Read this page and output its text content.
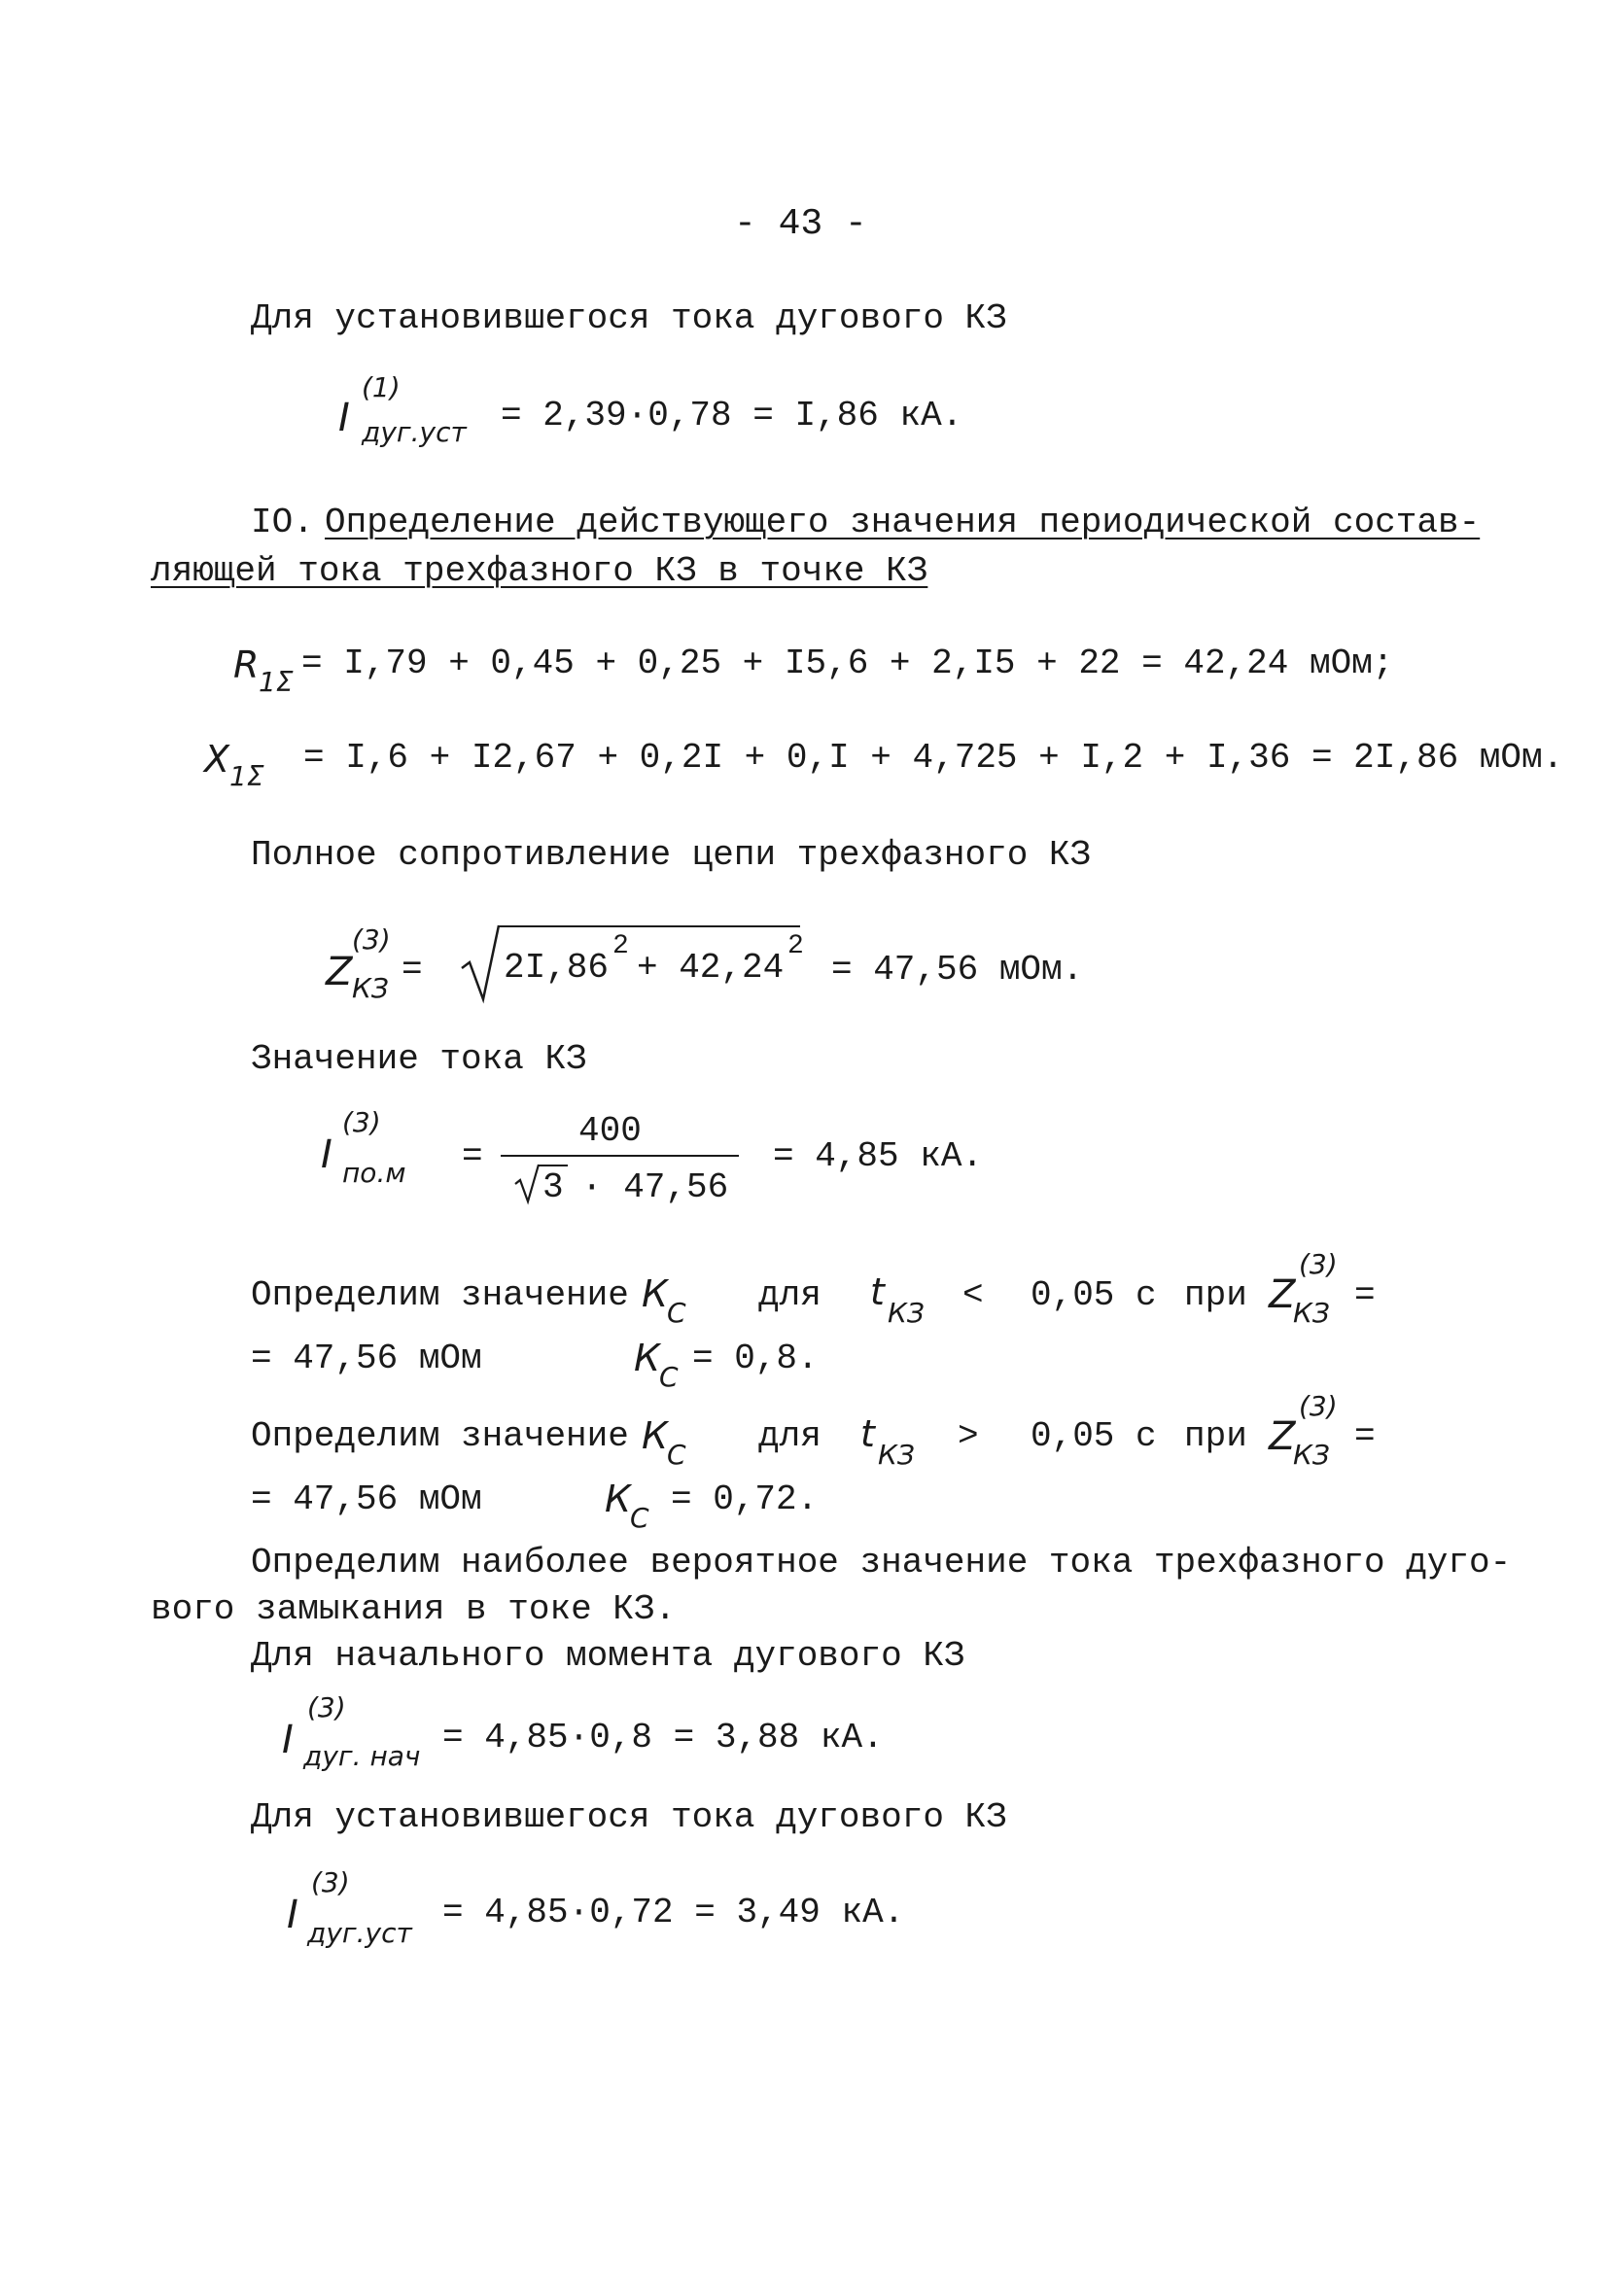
- 43 -
Для установившегося тока дугового КЗ
I
(1)
дуг.уст = 2,39·0,78 = I,86 кА.
IO. Определение действующего значения периодической состав-
ляющей тока трехфазного КЗ в точке КЗ
R 1Σ = I,79 + 0,45 + 0,25 + I5,6 + 2,I5 + 22 = 42,24 мОм;
X 1Σ = I,6 + I2,67 + 0,2I + 0,I + 4,725 + I,2 + I,36 = 2I,86 мОм.
Полное сопротивление цепи трехфазного КЗ
Z
(3)
КЗ = 2I,86
2
+ 42,24
2
= 47,56 мОм.
Значение тока КЗ
I
(3)
по.м =
400
3 · 47,56
= 4,85 кА.
Определим значение К С для t КЗ < 0,05 с при Z
(3)
КЗ =
= 47,56 мОм	К С = 0,8.
Определим значение К С для t КЗ > 0,05 с при Z
(3)
КЗ =
= 47,56 мОм	К С = 0,72.
Определим наиболее вероятное значение тока трехфазного дуго-
вого замыкания в токе КЗ.
Для начального момента дугового КЗ
I
(3)
дуг. нач = 4,85·0,8 = 3,88 кА.
Для установившегося тока дугового КЗ
I
(3)
дуг.уст
= 4,85·0,72 = 3,49 кА.
